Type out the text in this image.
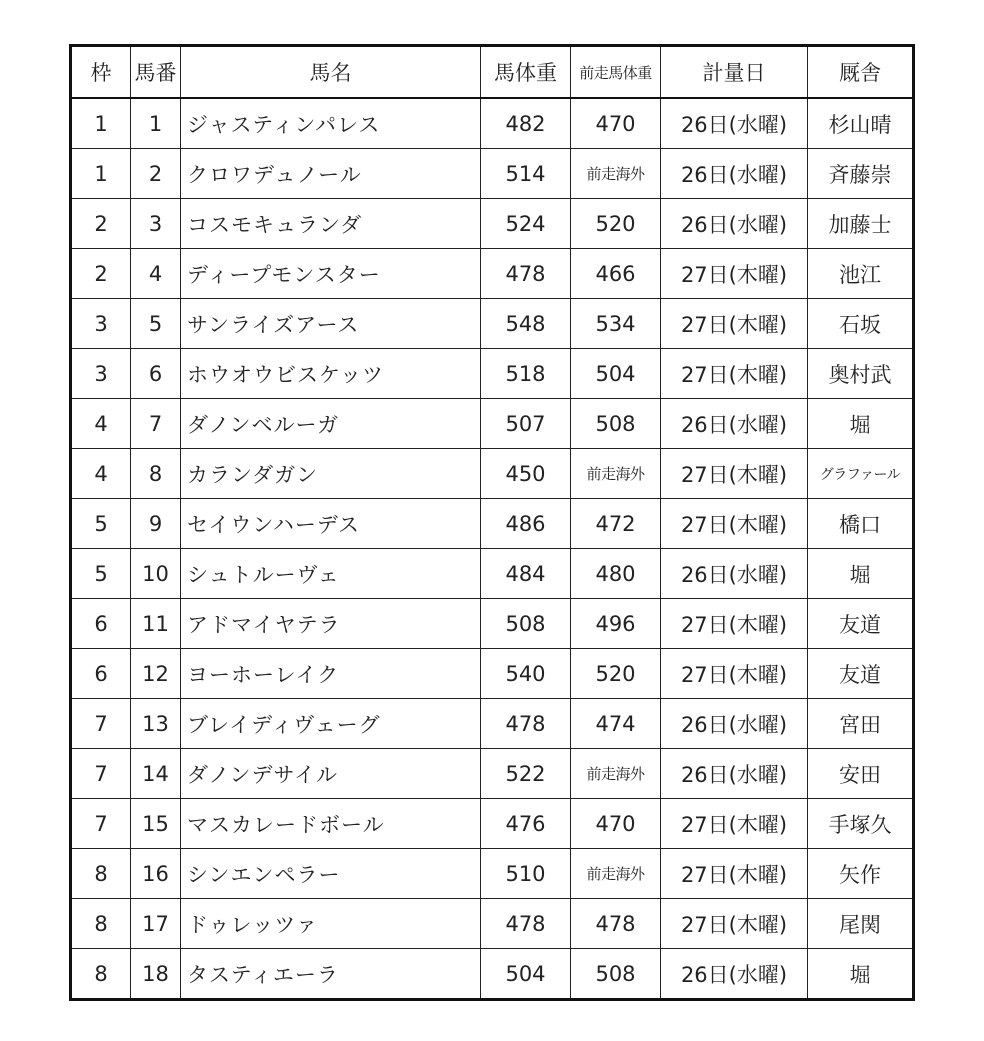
枠	馬番	馬名	馬体重	前走馬体重	計量日	厩舎
1	1	ジャスティンパレス	482	470	26日(水曜)	杉山晴
1	2	クロワデュノール	514	前走海外	26日(水曜)	斉藤崇
2	3	コスモキュランダ	524	520	26日(水曜)	加藤士
2	4	ディープモンスター	478	466	27日(木曜)	池江
3	5	サンライズアース	548	534	27日(木曜)	石坂
3	6	ホウオウビスケッツ	518	504	27日(木曜)	奥村武
4	7	ダノンベルーガ	507	508	26日(水曜)	堀
4	8	カランダガン	450	前走海外	27日(木曜)	グラファール
5	9	セイウンハーデス	486	472	27日(木曜)	橋口
5	10	シュトルーヴェ	484	480	26日(水曜)	堀
6	11	アドマイヤテラ	508	496	27日(木曜)	友道
6	12	ヨーホーレイク	540	520	27日(木曜)	友道
7	13	ブレイディヴェーグ	478	474	26日(水曜)	宮田
7	14	ダノンデサイル	522	前走海外	26日(水曜)	安田
7	15	マスカレードボール	476	470	27日(木曜)	手塚久
8	16	シンエンペラー	510	前走海外	27日(木曜)	矢作
8	17	ドゥレッツァ	478	478	27日(木曜)	尾関
8	18	タスティエーラ	504	508	26日(水曜)	堀
